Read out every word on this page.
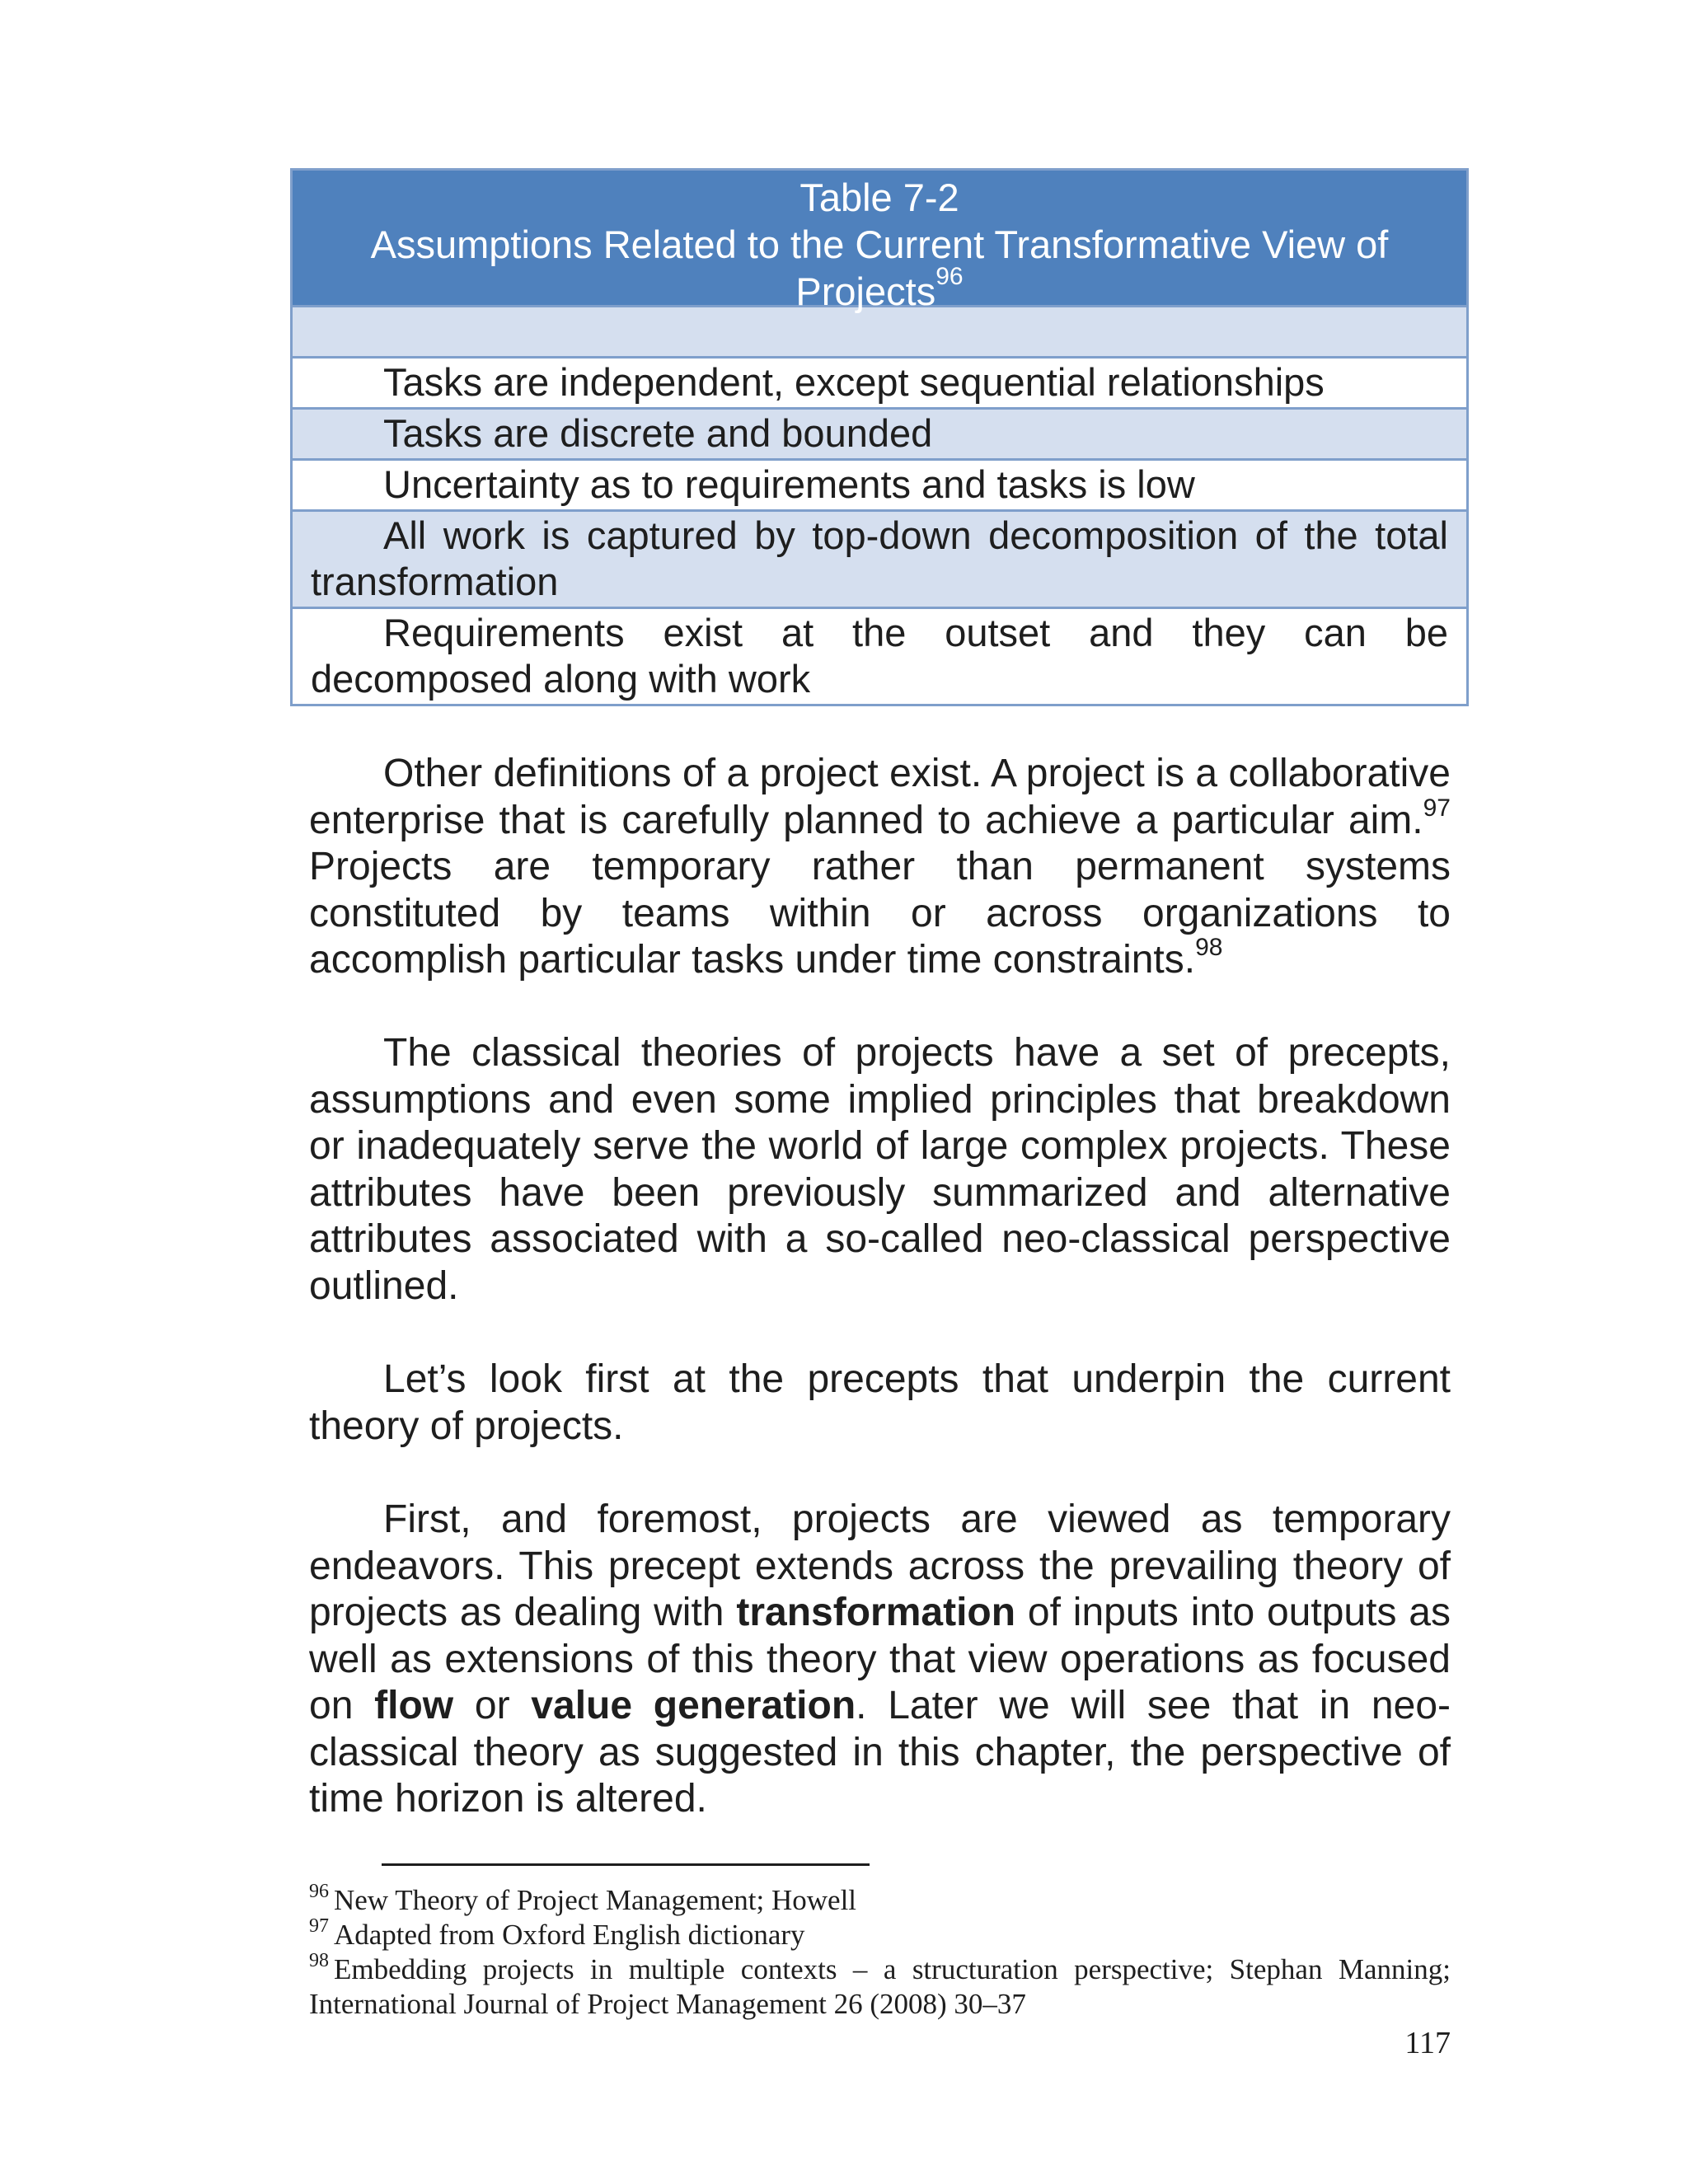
Table 7-2
Assumptions Related to the Current Transformative View of
Projects$^{96}$
Tasks are independent, except sequential relationships
Tasks are discrete and bounded
Uncertainty as to requirements and tasks is low
All work is captured by top-down decomposition of the total transformation
Requirements exist at the outset and they can be decomposed along with work

Other definitions of a project exist. A project is a collaborative enterprise that is carefully planned to achieve a particular aim.$^{97}$ Projects are temporary rather than permanent systems constituted by teams within or across organizations to accomplish particular tasks under time constraints.$^{98}$

The classical theories of projects have a set of precepts, assumptions and even some implied principles that breakdown or inadequately serve the world of large complex projects. These attributes have been previously summarized and alternative attributes associated with a so-called neo-classical perspective outlined.

Let’s look first at the precepts that underpin the current theory of projects.

First, and foremost, projects are viewed as temporary endeavors. This precept extends across the prevailing theory of projects as dealing with transformation of inputs into outputs as well as extensions of this theory that view operations as focused on flow or value generation. Later we will see that in neo-classical theory as suggested in this chapter, the perspective of time horizon is altered.

$^{96}$ New Theory of Project Management; Howell

$^{97}$ Adapted from Oxford English dictionary

$^{98}$ Embedding projects in multiple contexts – a structuration perspective; Stephan Manning; International Journal of Project Management 26 (2008) 30–37

117
